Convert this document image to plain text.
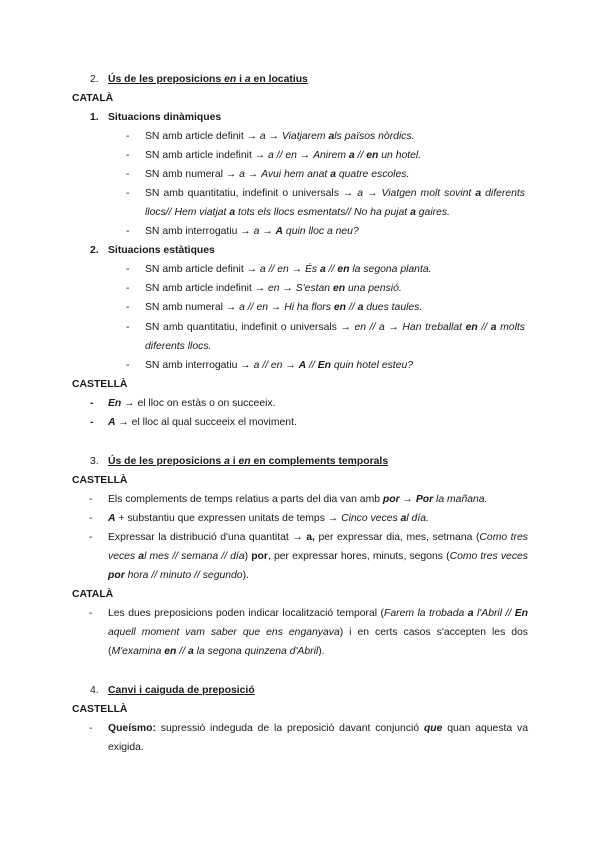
2. Ús de les preposicions en i a en locatius
CATALÀ
1. Situacions dinàmiques
- SN amb article definit → a → Viatjarem als països nòrdics.
- SN amb article indefinit → a // en → Anirem a // en un hotel.
- SN amb numeral → a → Avui hem anat a quatre escoles.
- SN amb quantitatiu, indefinit o universals → a → Viatgen molt sovint a diferents llocs// Hem viatjat a tots els llocs esmentats// No ha pujat a gaires.
- SN amb interrogatiu → a → A quin lloc a neu?
2. Situacions estàtiques
- SN amb article definit → a // en → És a // en la segona planta.
- SN amb article indefinit → en → S'estan en una pensió.
- SN amb numeral → a // en → Hi ha flors en // a dues taules.
- SN amb quantitatiu, indefinit o universals → en // a → Han treballat en // a molts diferents llocs.
- SN amb interrogatiu → a // en → A // En quin hotel esteu?
CASTELLÀ
- En → el lloc on estàs o on succeeix.
- A → el lloc al qual succeeix el moviment.
3. Ús de les preposicions a i en en complements temporals
CASTELLÀ
- Els complements de temps relatius a parts del dia van amb por → Por la mañana.
- A + substantiu que expressen unitats de temps → Cinco veces al día.
- Expressar la distribució d'una quantitat → a, per expressar dia, mes, setmana (Como tres veces al mes // semana // día) por, per expressar hores, minuts, segons (Como tres veces por hora // minuto // segundo).
CATALÀ
- Les dues preposicions poden indicar localització temporal (Farem la trobada a l'Abril // En aquell moment vam saber que ens enganyava) i en certs casos s'accepten les dos (M'examina en // a la segona quinzena d'Abril).
4. Canvi i caiguda de preposició
CASTELLÀ
- Queísmo: supressió indeguda de la preposició davant conjunció que quan aquesta va exigida.
